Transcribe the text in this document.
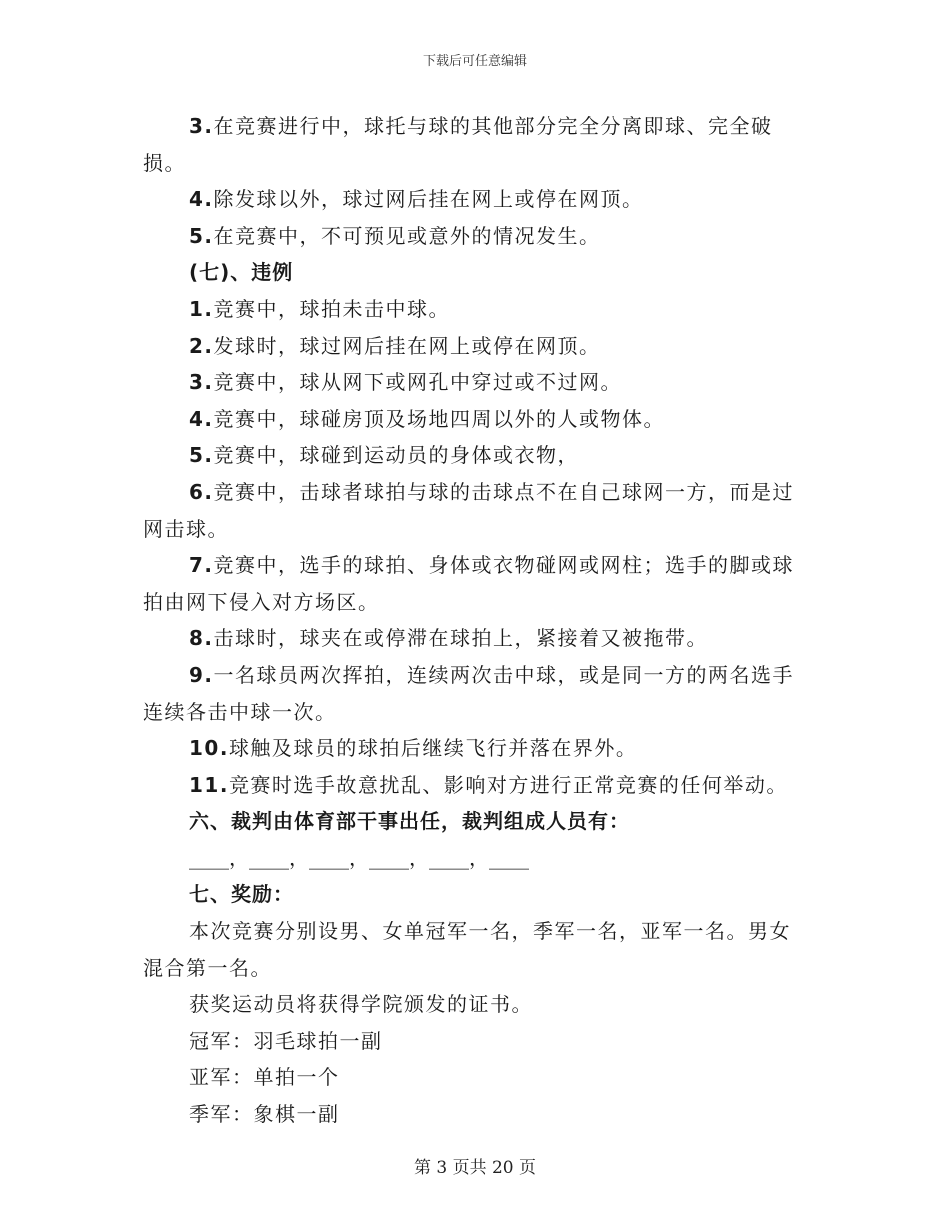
下载后可任意编辑

3.在竞赛进行中，球托与球的其他部分完全分离即球、完全破损。

4.除发球以外，球过网后挂在网上或停在网顶。

5.在竞赛中，不可预见或意外的情况发生。

(七)、违例

1.竞赛中，球拍未击中球。

2.发球时，球过网后挂在网上或停在网顶。

3.竞赛中，球从网下或网孔中穿过或不过网。

4.竞赛中，球碰房顶及场地四周以外的人或物体。

5.竞赛中，球碰到运动员的身体或衣物，

6.竞赛中，击球者球拍与球的击球点不在自己球网一方，而是过网击球。

7.竞赛中，选手的球拍、身体或衣物碰网或网柱；选手的脚或球拍由网下侵入对方场区。

8.击球时，球夹在或停滞在球拍上，紧接着又被拖带。

9.一名球员两次挥拍，连续两次击中球，或是同一方的两名选手连续各击中球一次。

10.球触及球员的球拍后继续飞行并落在界外。

11.竞赛时选手故意扰乱、影响对方进行正常竞赛的任何举动。

六、裁判由体育部干事出任，裁判组成人员有：

____，____，____，____，____，____

七、奖励：

本次竞赛分别设男、女单冠军一名，季军一名，亚军一名。男女混合第一名。

获奖运动员将获得学院颁发的证书。

冠军：羽毛球拍一副

亚军：单拍一个

季军：象棋一副

第 3 页共 20 页
